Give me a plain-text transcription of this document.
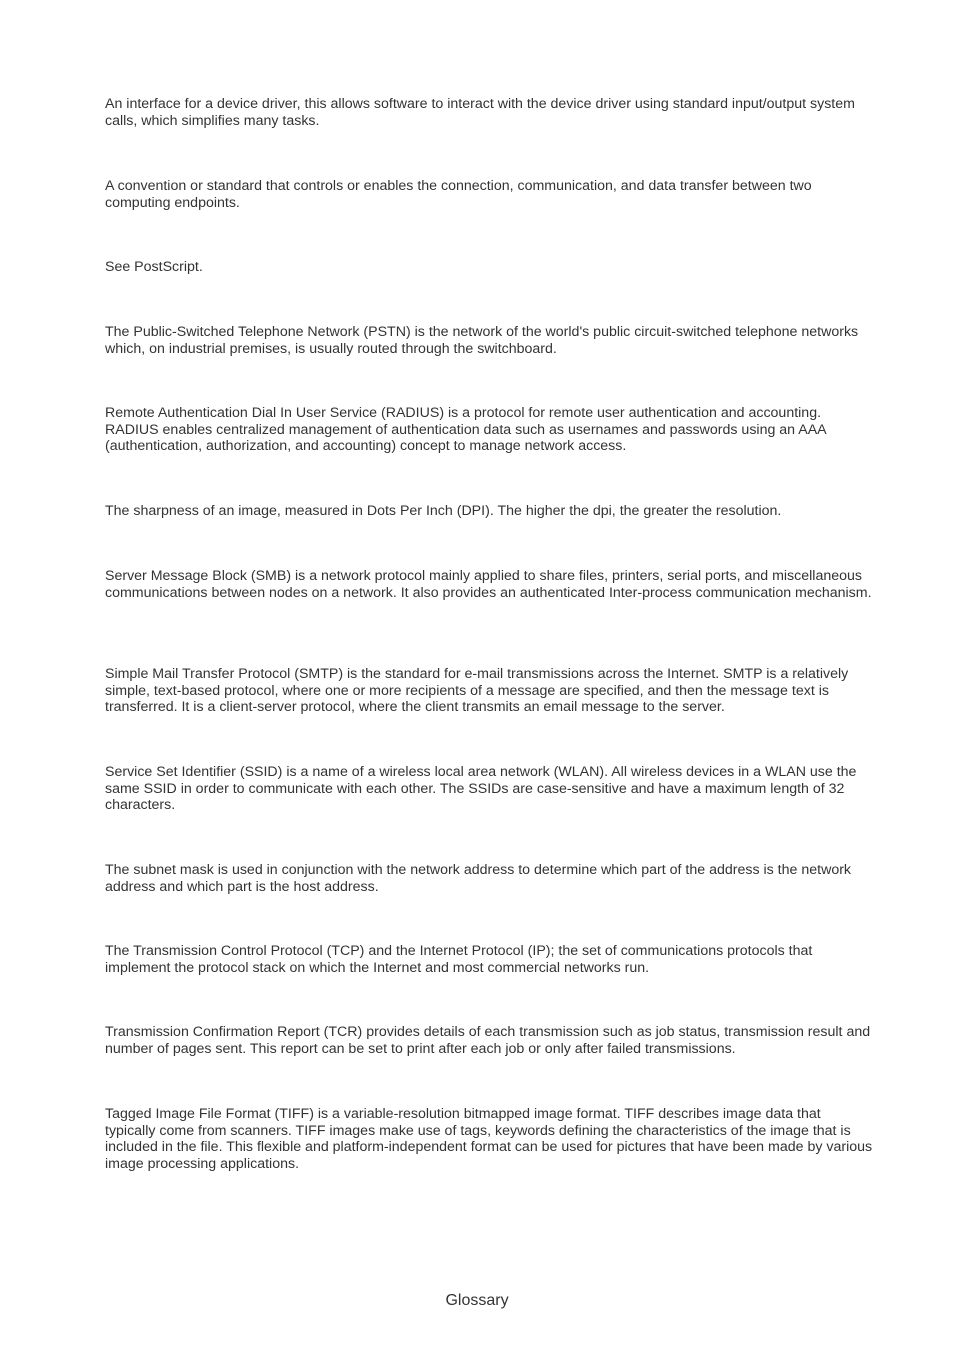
An interface for a device driver, this allows software to interact with the device driver using standard input/output system calls, which simplifies many tasks.

A convention or standard that controls or enables the connection, communication, and data transfer between two computing endpoints.

See PostScript.

The Public-Switched Telephone Network (PSTN) is the network of the world's public circuit-switched telephone networks which, on industrial premises, is usually routed through the switchboard.

Remote Authentication Dial In User Service (RADIUS) is a protocol for remote user authentication and accounting. RADIUS enables centralized management of authentication data such as usernames and passwords using an AAA (authentication, authorization, and accounting) concept to manage network access.

The sharpness of an image, measured in Dots Per Inch (DPI). The higher the dpi, the greater the resolution.

Server Message Block (SMB) is a network protocol mainly applied to share files, printers, serial ports, and miscellaneous communications between nodes on a network. It also provides an authenticated Inter-process communication mechanism.

Simple Mail Transfer Protocol (SMTP) is the standard for e-mail transmissions across the Internet. SMTP is a relatively simple, text-based protocol, where one or more recipients of a message are specified, and then the message text is transferred. It is a client-server protocol, where the client transmits an email message to the server.

Service Set Identifier (SSID) is a name of a wireless local area network (WLAN). All wireless devices in a WLAN use the same SSID in order to communicate with each other. The SSIDs are case-sensitive and have a maximum length of 32 characters.

The subnet mask is used in conjunction with the network address to determine which part of the address is the network address and which part is the host address.

The Transmission Control Protocol (TCP) and the Internet Protocol (IP); the set of communications protocols that implement the protocol stack on which the Internet and most commercial networks run.

Transmission Confirmation Report (TCR) provides details of each transmission such as job status, transmission result and number of pages sent. This report can be set to print after each job or only after failed transmissions.

Tagged Image File Format (TIFF) is a variable-resolution bitmapped image format. TIFF describes image data that typically come from scanners. TIFF images make use of tags, keywords defining the characteristics of the image that is included in the file. This flexible and platform-independent format can be used for pictures that have been made by various image processing applications.

Glossary
